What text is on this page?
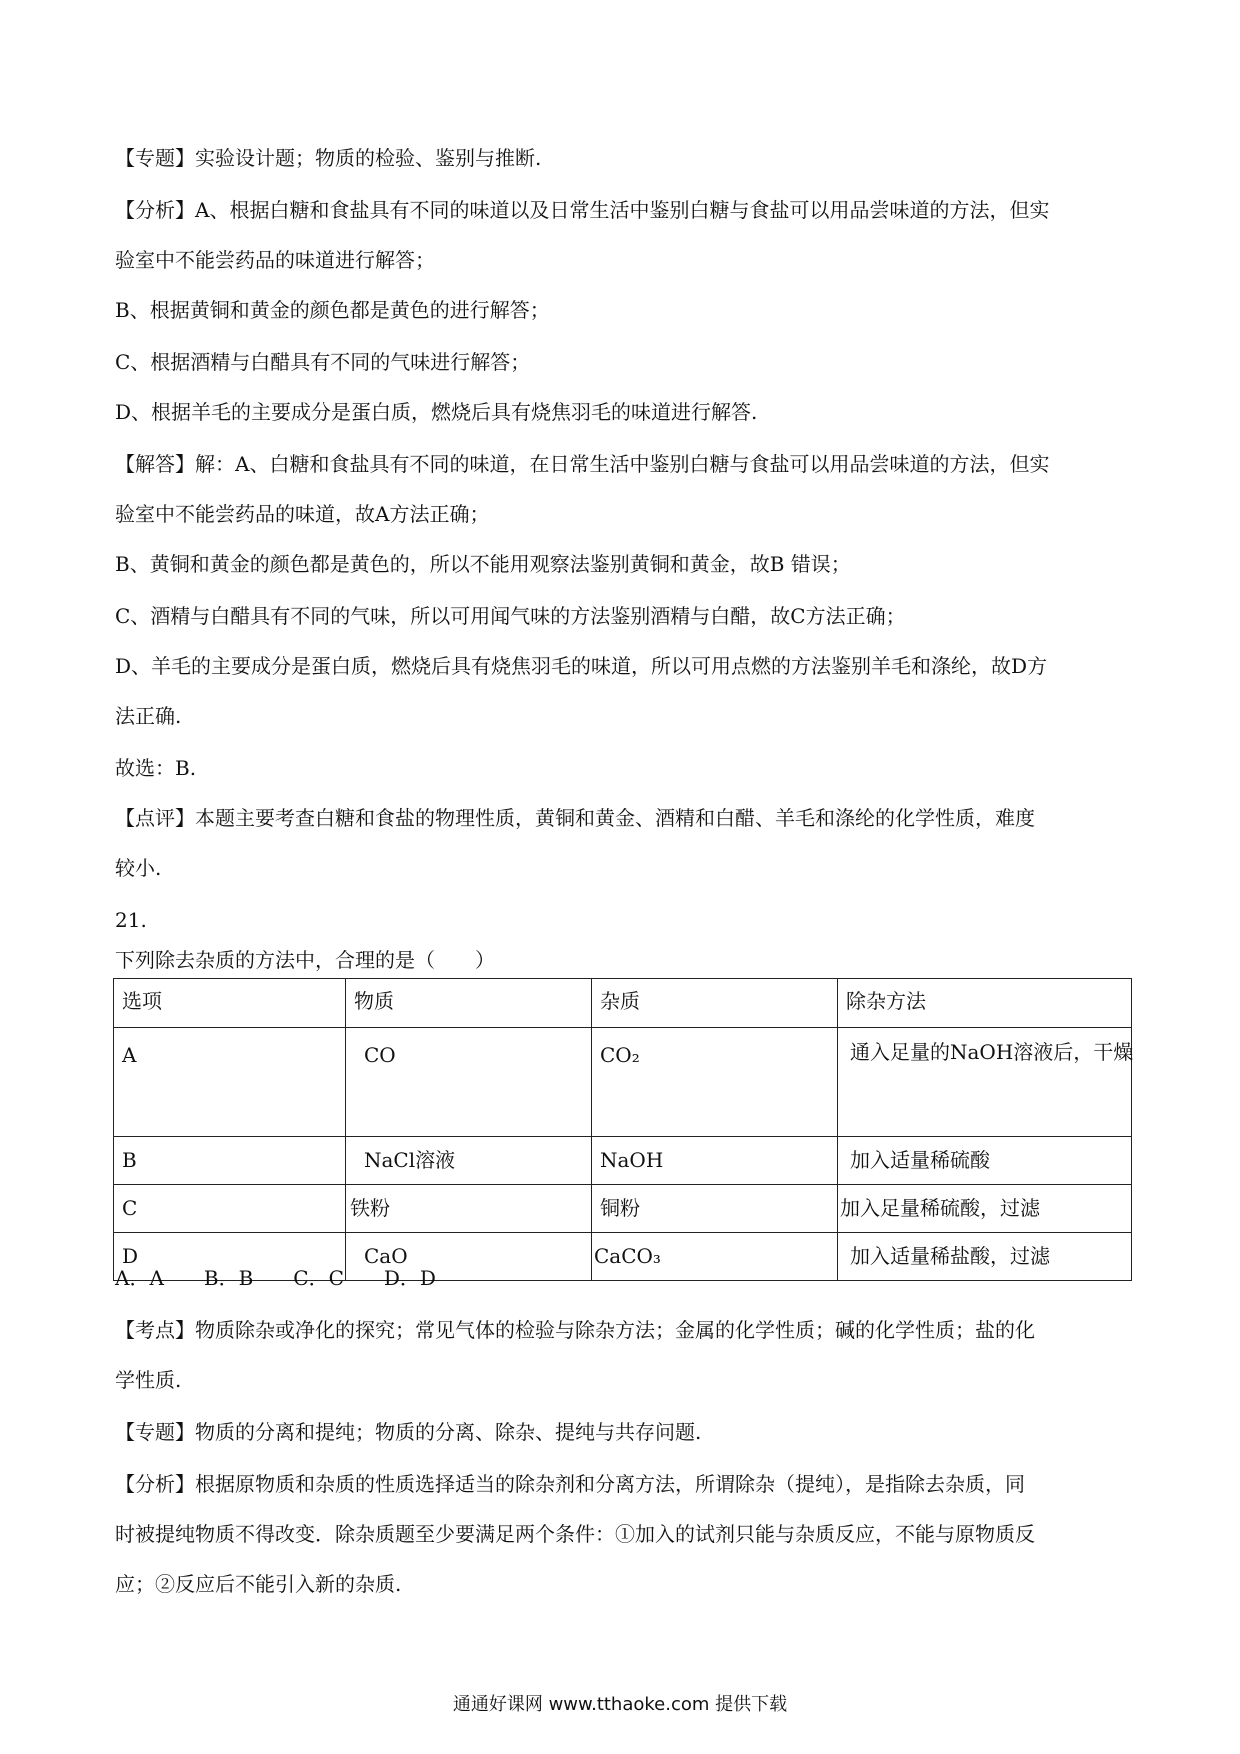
【专题】实验设计题；物质的检验、鉴别与推断.
【分析】A、根据白糖和食盐具有不同的味道以及日常生活中鉴别白糖与食盐可以用品尝味道的方法，但实
验室中不能尝药品的味道进行解答；
B、根据黄铜和黄金的颜色都是黄色的进行解答；
C、根据酒精与白醋具有不同的气味进行解答；
D、根据羊毛的主要成分是蛋白质，燃烧后具有烧焦羽毛的味道进行解答.
【解答】解：A、白糖和食盐具有不同的味道，在日常生活中鉴别白糖与食盐可以用品尝味道的方法，但实
验室中不能尝药品的味道，故A方法正确；
B、黄铜和黄金的颜色都是黄色的，所以不能用观察法鉴别黄铜和黄金，故B 错误；
C、酒精与白醋具有不同的气味，所以可用闻气味的方法鉴别酒精与白醋，故C方法正确；
D、羊毛的主要成分是蛋白质，燃烧后具有烧焦羽毛的味道，所以可用点燃的方法鉴别羊毛和涤纶，故D方
法正确.
故选：B.
【点评】本题主要考查白糖和食盐的物理性质，黄铜和黄金、酒精和白醋、羊毛和涤纶的化学性质，难度
较小.
21.
下列除去杂质的方法中，合理的是（　　）
选项	物质	杂质	除杂方法
A	CO	CO₂	通入足量的NaOH溶液后，干燥
B	NaCl溶液	NaOH	加入适量稀硫酸
C	铁粉	铜粉	加入足量稀硫酸，过滤
D	CaO	CaCO₃	加入适量稀盐酸，过滤
A．A　　B．B　　C．C　　D．D
【考点】物质除杂或净化的探究；常见气体的检验与除杂方法；金属的化学性质；碱的化学性质；盐的化
学性质.
【专题】物质的分离和提纯；物质的分离、除杂、提纯与共存问题.
【分析】根据原物质和杂质的性质选择适当的除杂剂和分离方法，所谓除杂（提纯），是指除去杂质，同
时被提纯物质不得改变．除杂质题至少要满足两个条件：①加入的试剂只能与杂质反应，不能与原物质反
应；②反应后不能引入新的杂质.
通通好课网 www.tthaoke.com 提供下载
